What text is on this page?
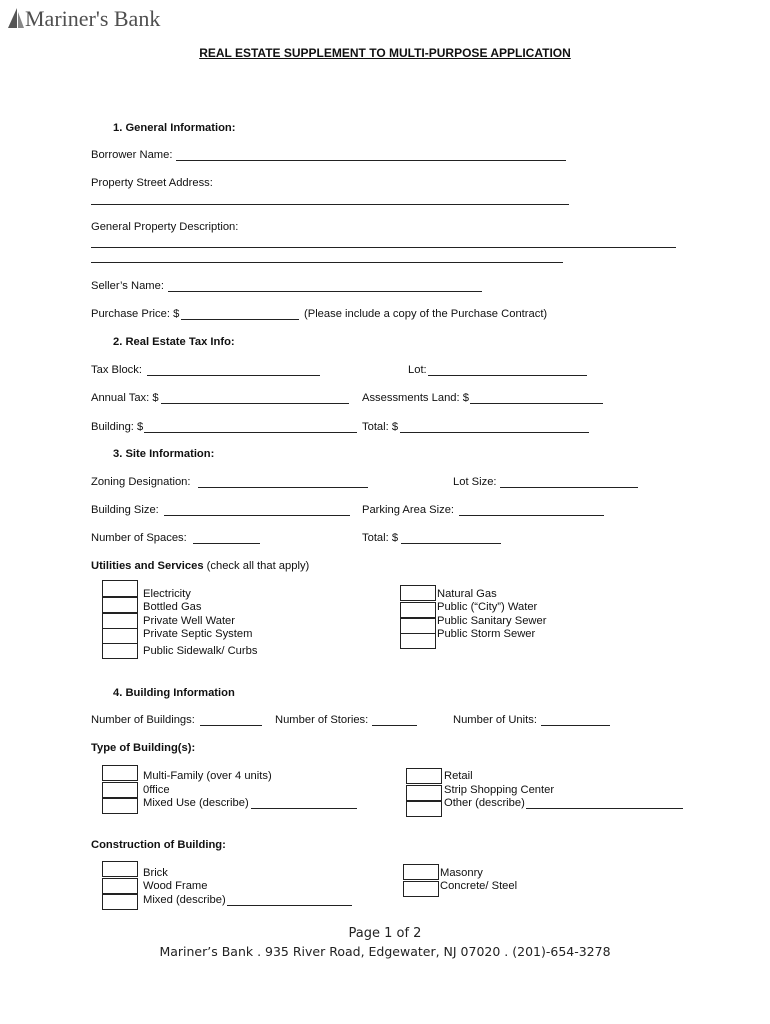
Mariner's Bank
REAL ESTATE SUPPLEMENT TO MULTI-PURPOSE APPLICATION
1. General Information:
Borrower Name:
Property Street Address:
General Property Description:
Seller’s Name:
Purchase Price: $	(Please include a copy of the Purchase Contract)
2. Real Estate Tax Info:
Tax Block:	Lot:
Annual Tax: $	Assessments Land: $
Building: $	Total: $
3. Site Information:
Zoning Designation:	Lot Size:
Building Size:	Parking Area Size:
Number of Spaces:	Total: $
Utilities and Services (check all that apply)
Electricity
Bottled Gas
Private Well Water
Private Septic System
Public Sidewalk/ Curbs
Natural Gas
Public (“City”) Water
Public Sanitary Sewer
Public Storm Sewer
4. Building Information
Number of Buildings:	Number of Stories:	Number of Units:
Type of Building(s):
Multi-Family (over 4 units)
0ffice
Mixed Use (describe)
Retail
Strip Shopping Center
Other (describe)
Construction of Building:
Brick
Wood Frame
Mixed (describe)
Masonry
Concrete/ Steel
Page 1 of 2
Mariner’s Bank . 935 River Road, Edgewater, NJ 07020 . (201)-654-3278
